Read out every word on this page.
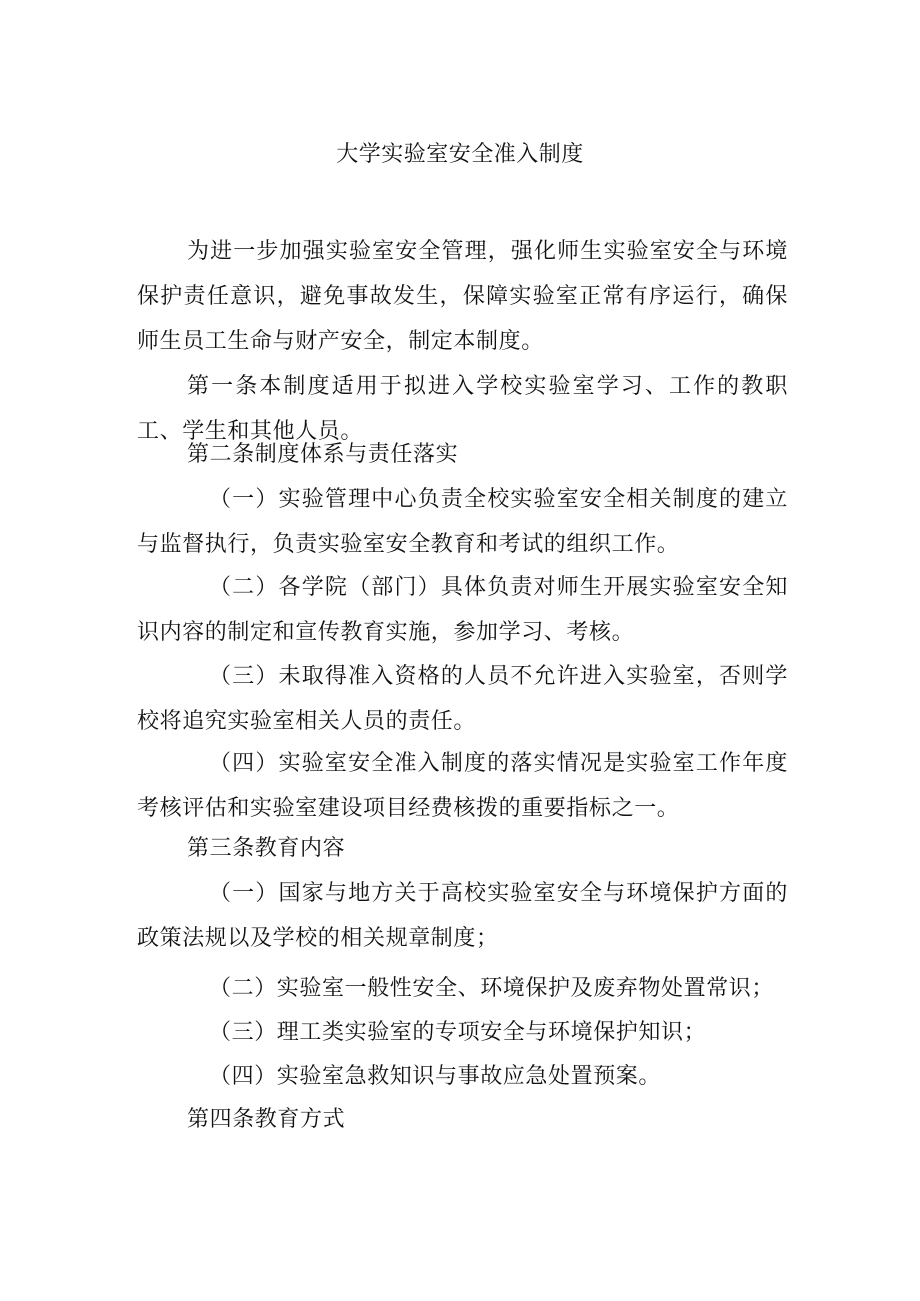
大学实验室安全准入制度

为进一步加强实验室安全管理，强化师生实验室安全与环境保护责任意识，避免事故发生，保障实验室正常有序运行，确保师生员工生命与财产安全，制定本制度。

第一条本制度适用于拟进入学校实验室学习、工作的教职工、学生和其他人员。

第二条制度体系与责任落实

（一）实验管理中心负责全校实验室安全相关制度的建立与监督执行，负责实验室安全教育和考试的组织工作。

（二）各学院（部门）具体负责对师生开展实验室安全知识内容的制定和宣传教育实施，参加学习、考核。

（三）未取得准入资格的人员不允许进入实验室，否则学校将追究实验室相关人员的责任。

（四）实验室安全准入制度的落实情况是实验室工作年度考核评估和实验室建设项目经费核拨的重要指标之一。

第三条教育内容

（一）国家与地方关于高校实验室安全与环境保护方面的政策法规以及学校的相关规章制度；

（二）实验室一般性安全、环境保护及废弃物处置常识；

（三）理工类实验室的专项安全与环境保护知识；

（四）实验室急救知识与事故应急处置预案。

第四条教育方式
